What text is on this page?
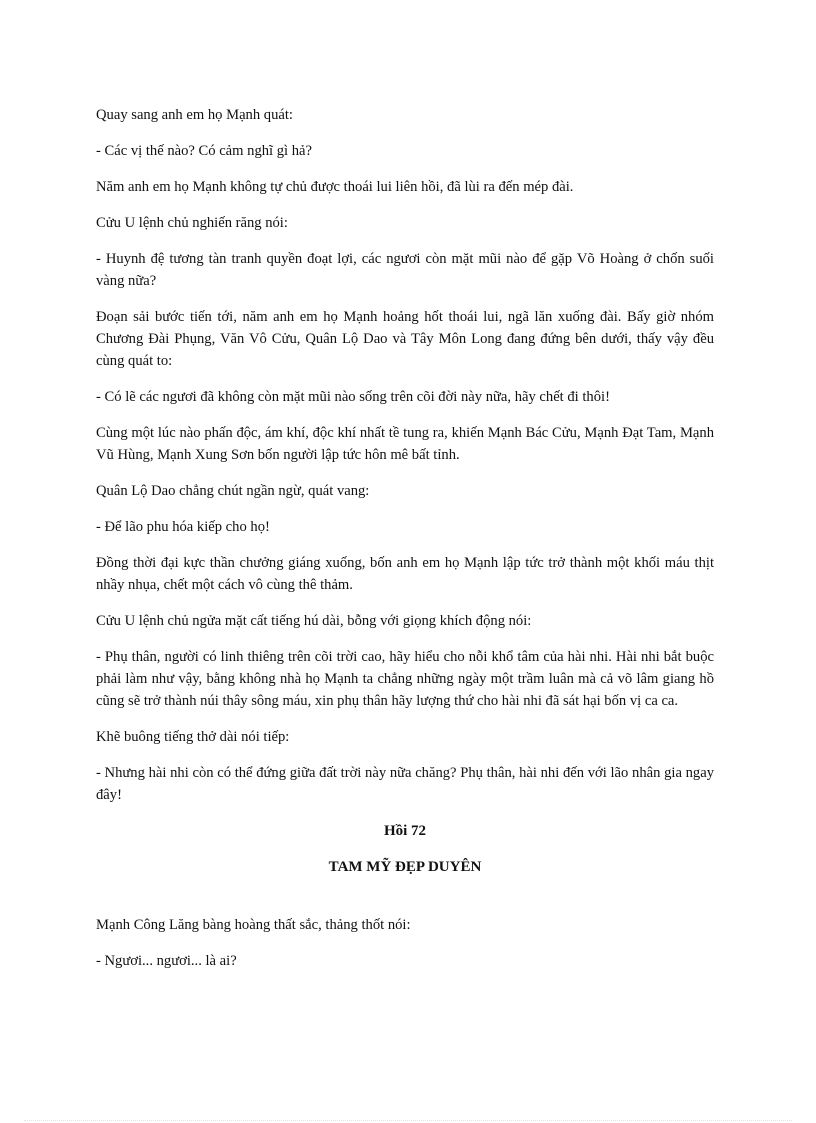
Quay sang anh em họ Mạnh quát:

- Các vị thế nào? Có cảm nghĩ gì hả?

Năm anh em họ Mạnh không tự chủ được thoái lui liên hồi, đã lùi ra đến mép đài.

Cửu U lệnh chủ nghiến răng nói:

- Huynh đệ tương tàn tranh quyền đoạt lợi, các ngươi còn mặt mũi nào để gặp Võ Hoàng ở chốn suối vàng nữa?

Đoạn sải bước tiến tới, năm anh em họ Mạnh hoảng hốt thoái lui, ngã lăn xuống đài. Bấy giờ nhóm Chương Đài Phụng, Văn Vô Cửu, Quân Lộ Dao và Tây Môn Long đang đứng bên dưới, thấy vậy đều cùng quát to:

- Có lẽ các ngươi đã không còn mặt mũi nào sống trên cõi đời này nữa, hãy chết đi thôi!

Cùng một lúc nào phấn độc, ám khí, độc khí nhất tề tung ra, khiến Mạnh Bác Cửu, Mạnh Đạt Tam, Mạnh Vũ Hùng, Mạnh Xung Sơn bốn người lập tức hôn mê bất tỉnh.

Quân Lộ Dao chẳng chút ngần ngừ, quát vang:

- Để lão phu hóa kiếp cho họ!

Đồng thời đại kực thần chưởng giáng xuống, bốn anh em họ Mạnh lập tức trở thành một khối máu thịt nhầy nhụa, chết một cách vô cùng thê thảm.

Cửu U lệnh chủ ngửa mặt cất tiếng hú dài, bỗng với giọng khích động nói:

- Phụ thân, người có linh thiêng trên cõi trời cao, hãy hiểu cho nỗi khổ tâm của hài nhi. Hài nhi bắt buộc phải làm như vậy, bằng không nhà họ Mạnh ta chẳng những ngày một trầm luân mà cả võ lâm giang hồ cũng sẽ trở thành núi thây sông máu, xin phụ thân hãy lượng thứ cho hài nhi đã sát hại bốn vị ca ca.

Khẽ buông tiếng thở dài nói tiếp:

- Nhưng hài nhi còn có thể đứng giữa đất trời này nữa chăng? Phụ thân, hài nhi đến với lão nhân gia ngay đây!

Hồi 72

TAM MỸ ĐẸP DUYÊN

Mạnh Công Lăng bàng hoàng thất sắc, thảng thốt nói:

- Ngươi... ngươi... là ai?
